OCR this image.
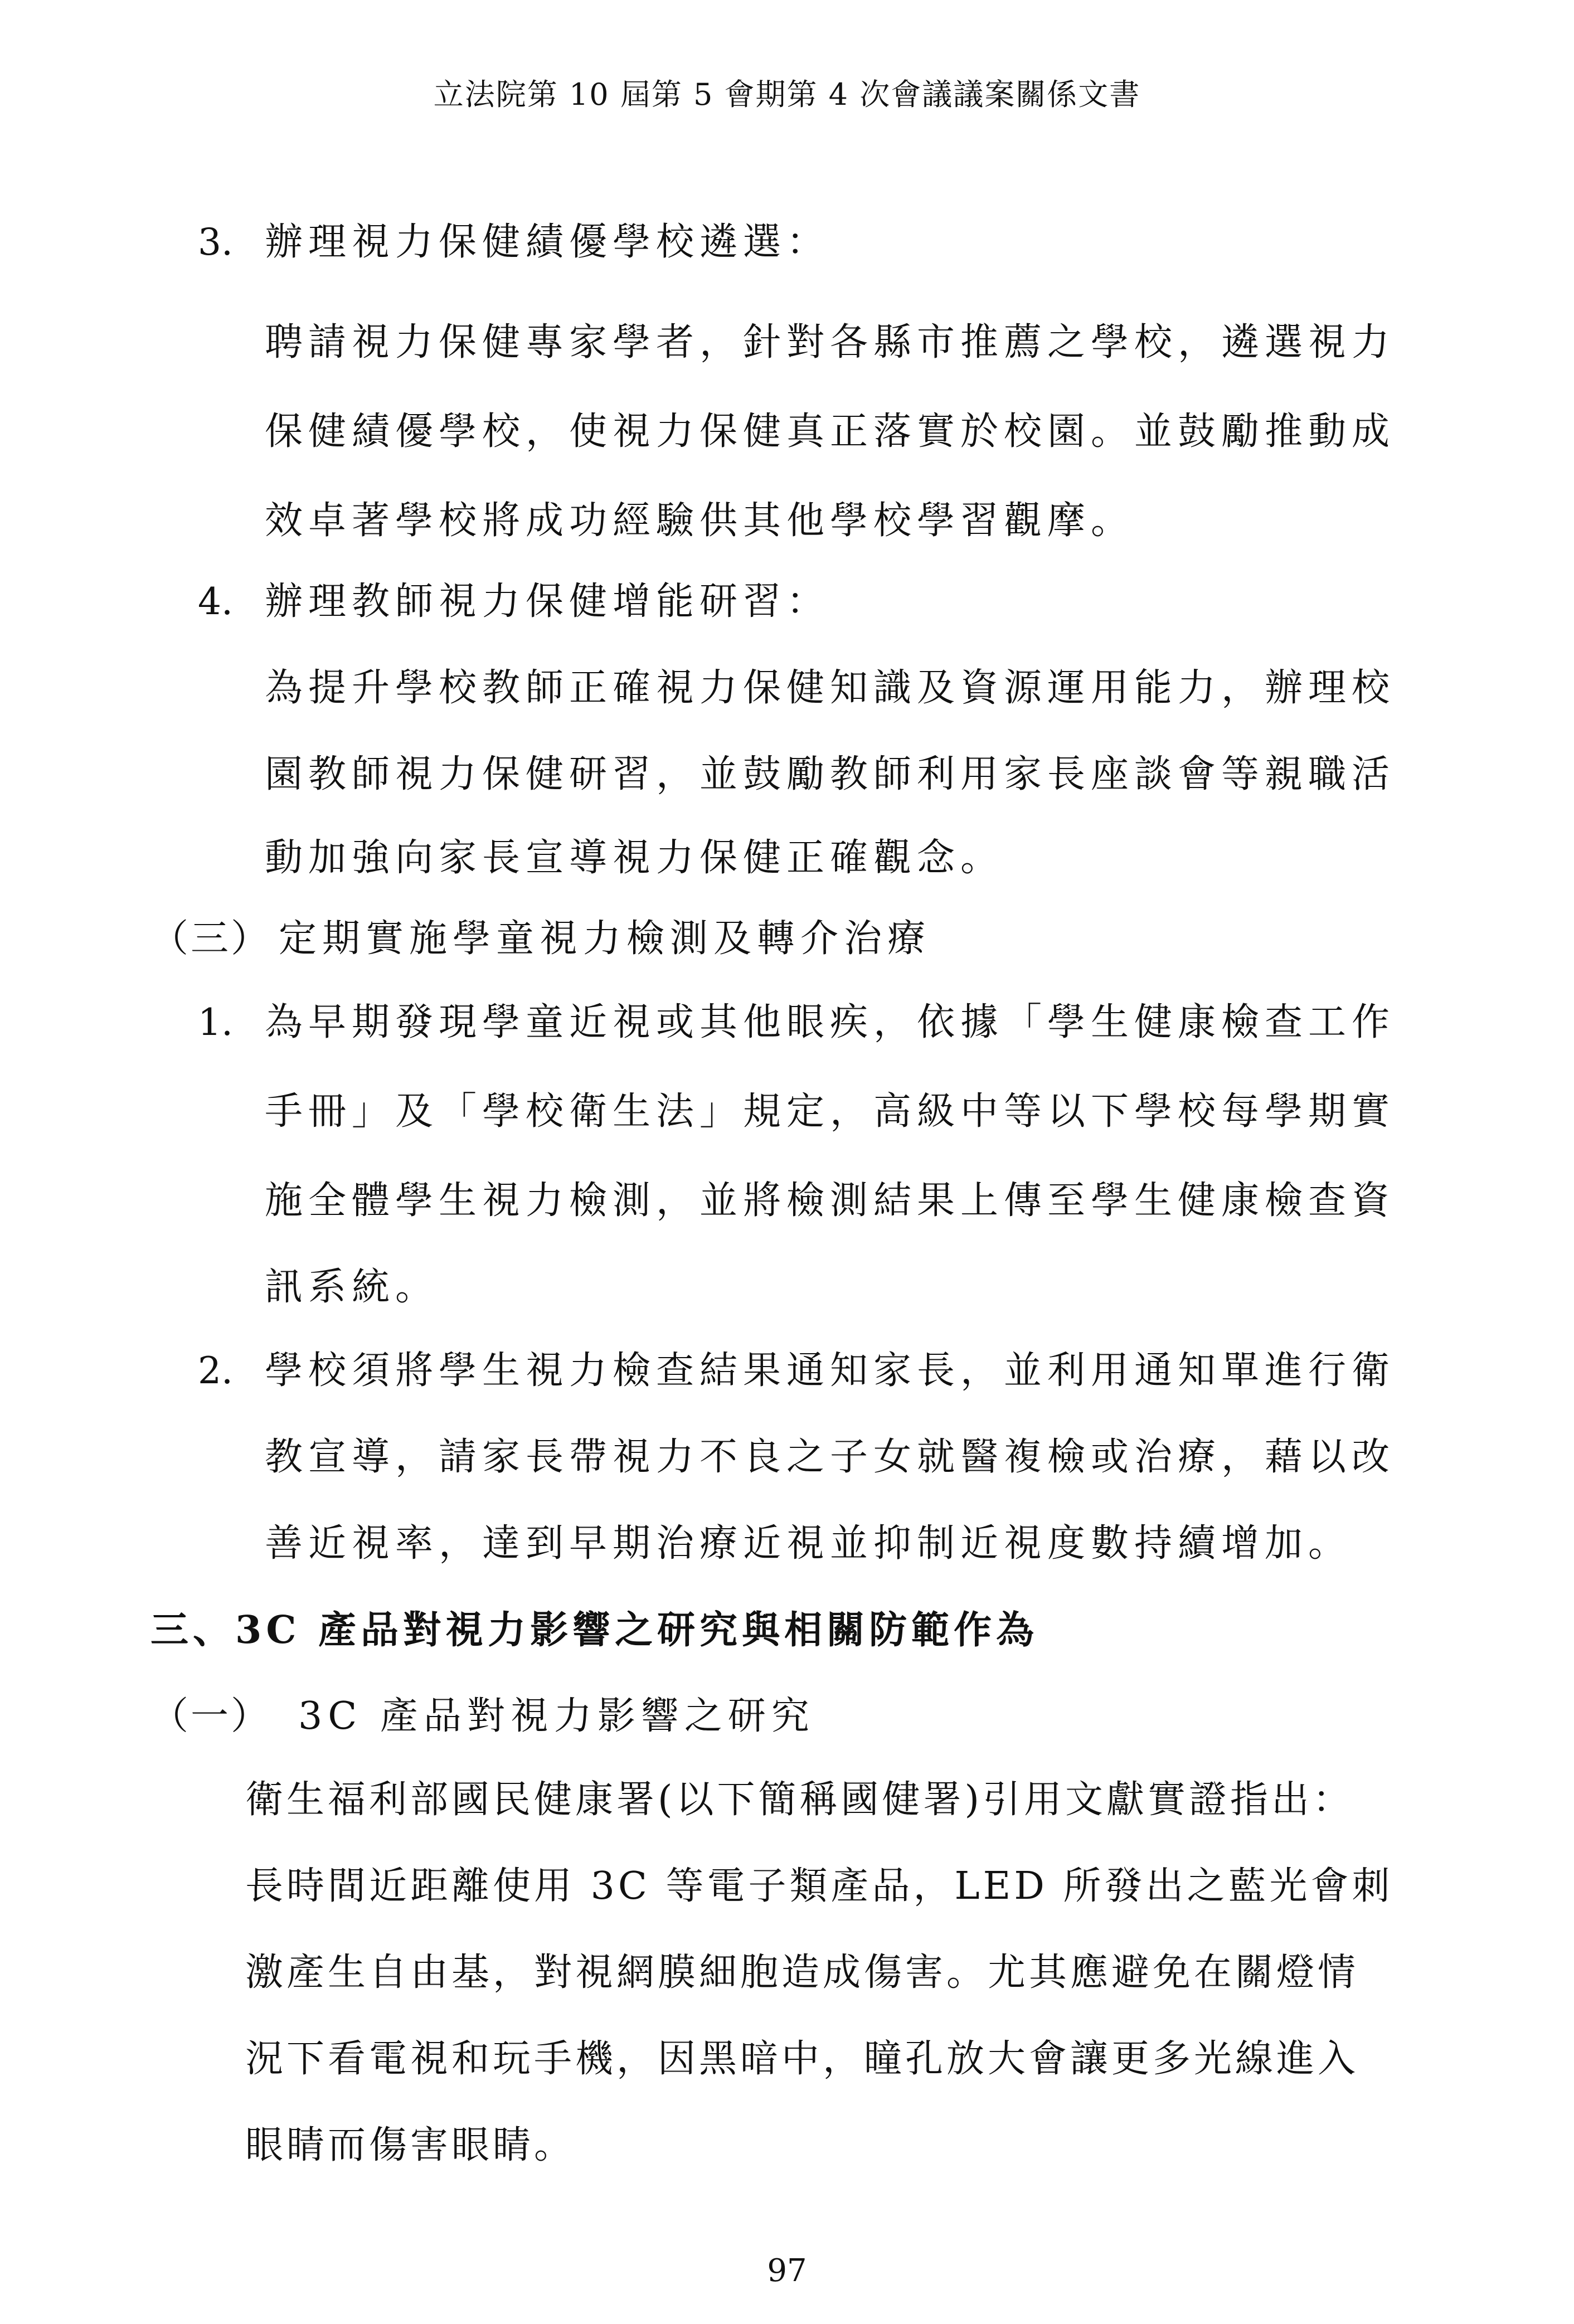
立法院第 10 屆第 5 會期第 4 次會議議案關係文書
3. 辦理視力保健績優學校遴選：
聘請視力保健專家學者，針對各縣市推薦之學校，遴選視力
保健績優學校，使視力保健真正落實於校園。並鼓勵推動成
效卓著學校將成功經驗供其他學校學習觀摩。
4. 辦理教師視力保健增能研習：
為提升學校教師正確視力保健知識及資源運用能力，辦理校
園教師視力保健研習，並鼓勵教師利用家長座談會等親職活
動加強向家長宣導視力保健正確觀念。
（三） 定期實施學童視力檢測及轉介治療
1. 為早期發現學童近視或其他眼疾，依據「學生健康檢查工作
手冊」及「學校衛生法」規定，高級中等以下學校每學期實
施全體學生視力檢測，並將檢測結果上傳至學生健康檢查資
訊系統。
2. 學校須將學生視力檢查結果通知家長，並利用通知單進行衛
教宣導，請家長帶視力不良之子女就醫複檢或治療，藉以改
善近視率，達到早期治療近視並抑制近視度數持續增加。
三、3C 產品對視力影響之研究與相關防範作為
（一） 3C 產品對視力影響之研究
衛生福利部國民健康署(以下簡稱國健署)引用文獻實證指出：
長時間近距離使用 3C 等電子類產品，LED 所發出之藍光會刺
激產生自由基，對視網膜細胞造成傷害。尤其應避免在關燈情
況下看電視和玩手機，因黑暗中，瞳孔放大會讓更多光線進入
眼睛而傷害眼睛。
97
